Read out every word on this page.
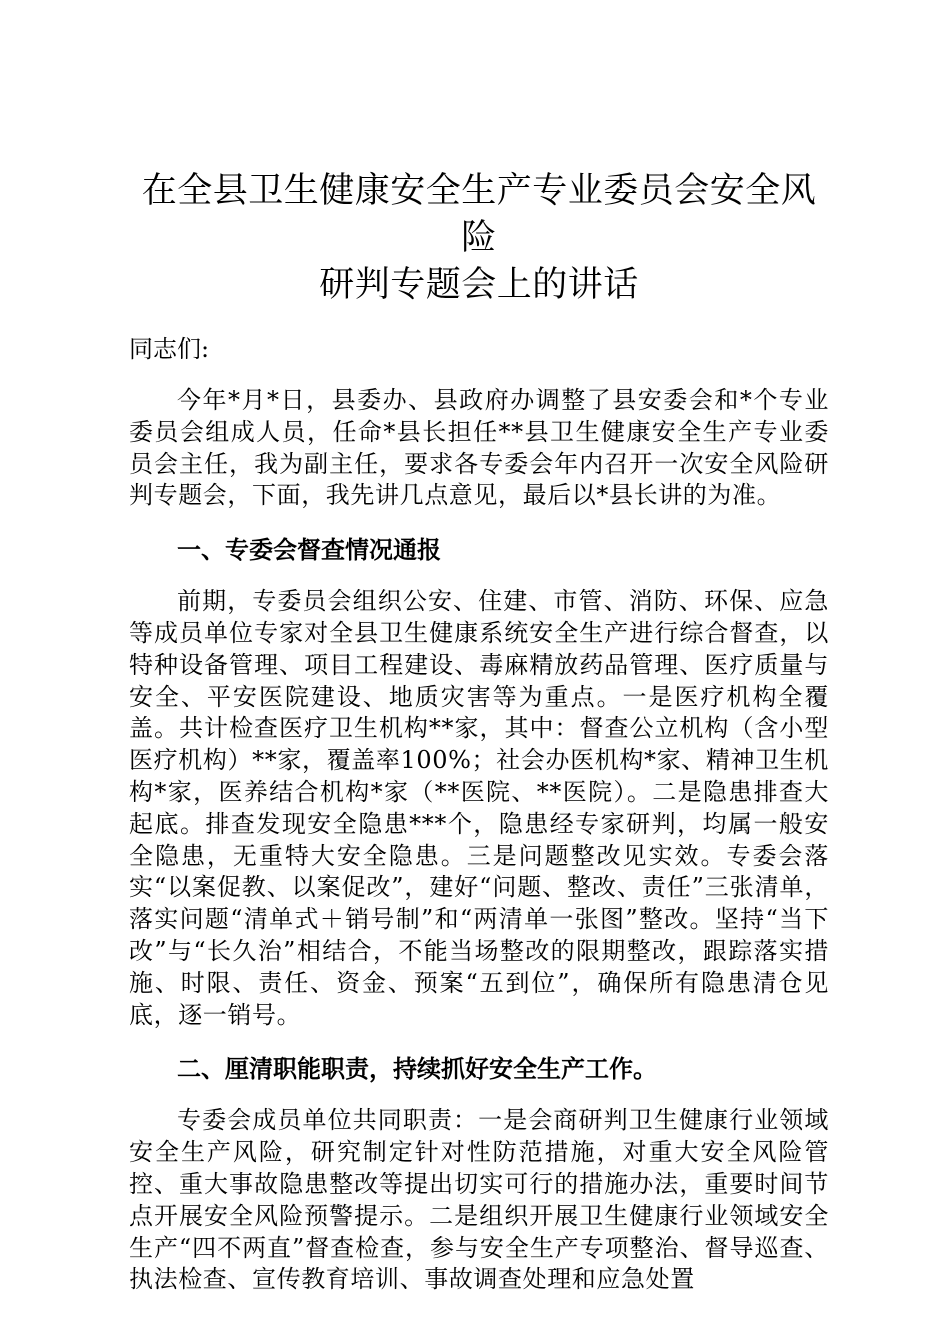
在全县卫生健康安全生产专业委员会安全风险
研判专题会上的讲话

同志们:

今年*月*日，县委办、县政府办调整了县安委会和*个专业委员会组成人员，任命*县长担任**县卫生健康安全生产专业委员会主任，我为副主任，要求各专委会年内召开一次安全风险研判专题会，下面，我先讲几点意见，最后以*县长讲的为准。

一、专委会督查情况通报

前期，专委员会组织公安、住建、市管、消防、环保、应急等成员单位专家对全县卫生健康系统安全生产进行综合督查，以特种设备管理、项目工程建设、毒麻精放药品管理、医疗质量与安全、平安医院建设、地质灾害等为重点。一是医疗机构全覆盖。共计检查医疗卫生机构**家，其中：督查公立机构（含小型医疗机构）**家，覆盖率100%；社会办医机构*家、精神卫生机构*家，医养结合机构*家（**医院、**医院）。二是隐患排查大起底。排查发现安全隐患***个，隐患经专家研判，均属一般安全隐患，无重特大安全隐患。三是问题整改见实效。专委会落实“以案促教、以案促改”，建好“问题、整改、责任”三张清单，落实问题“清单式＋销号制”和“两清单一张图”整改。坚持“当下改”与“长久治”相结合，不能当场整改的限期整改，跟踪落实措施、时限、责任、资金、预案“五到位”，确保所有隐患清仓见底，逐一销号。

二、厘清职能职责，持续抓好安全生产工作。

专委会成员单位共同职责：一是会商研判卫生健康行业领域安全生产风险，研究制定针对性防范措施，对重大安全风险管控、重大事故隐患整改等提出切实可行的措施办法，重要时间节点开展安全风险预警提示。二是组织开展卫生健康行业领域安全生产“四不两直”督查检查，参与安全生产专项整治、督导巡查、执法检查、宣传教育培训、事故调查处理和应急处置
